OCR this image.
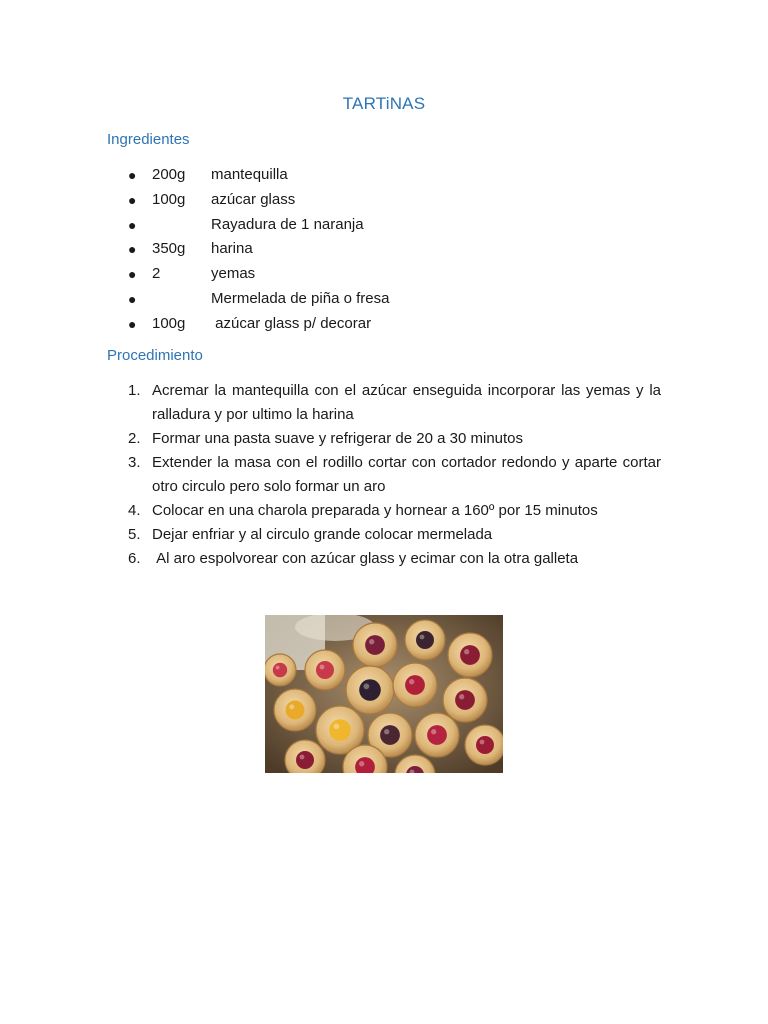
TARTiNAS
Ingredientes
● 200g mantequilla
● 100g azúcar glass
●	Rayadura de 1 naranja
● 350g harina
● 2	yemas
●	Mermelada de piña o fresa
● 100g azúcar glass p/ decorar
Procedimiento
1. Acremar la mantequilla con el azúcar enseguida incorporar las yemas y la ralladura y por ultimo la harina
2. Formar una pasta suave y refrigerar de 20 a 30 minutos
3. Extender la masa con el rodillo cortar con cortador redondo y aparte cortar otro circulo pero solo formar un aro
4. Colocar en una charola preparada y hornear a 160º por 15 minutos
5. Dejar enfriar y al circulo grande colocar mermelada
6. Al aro espolvorear con azúcar glass y ecimar con la otra galleta
